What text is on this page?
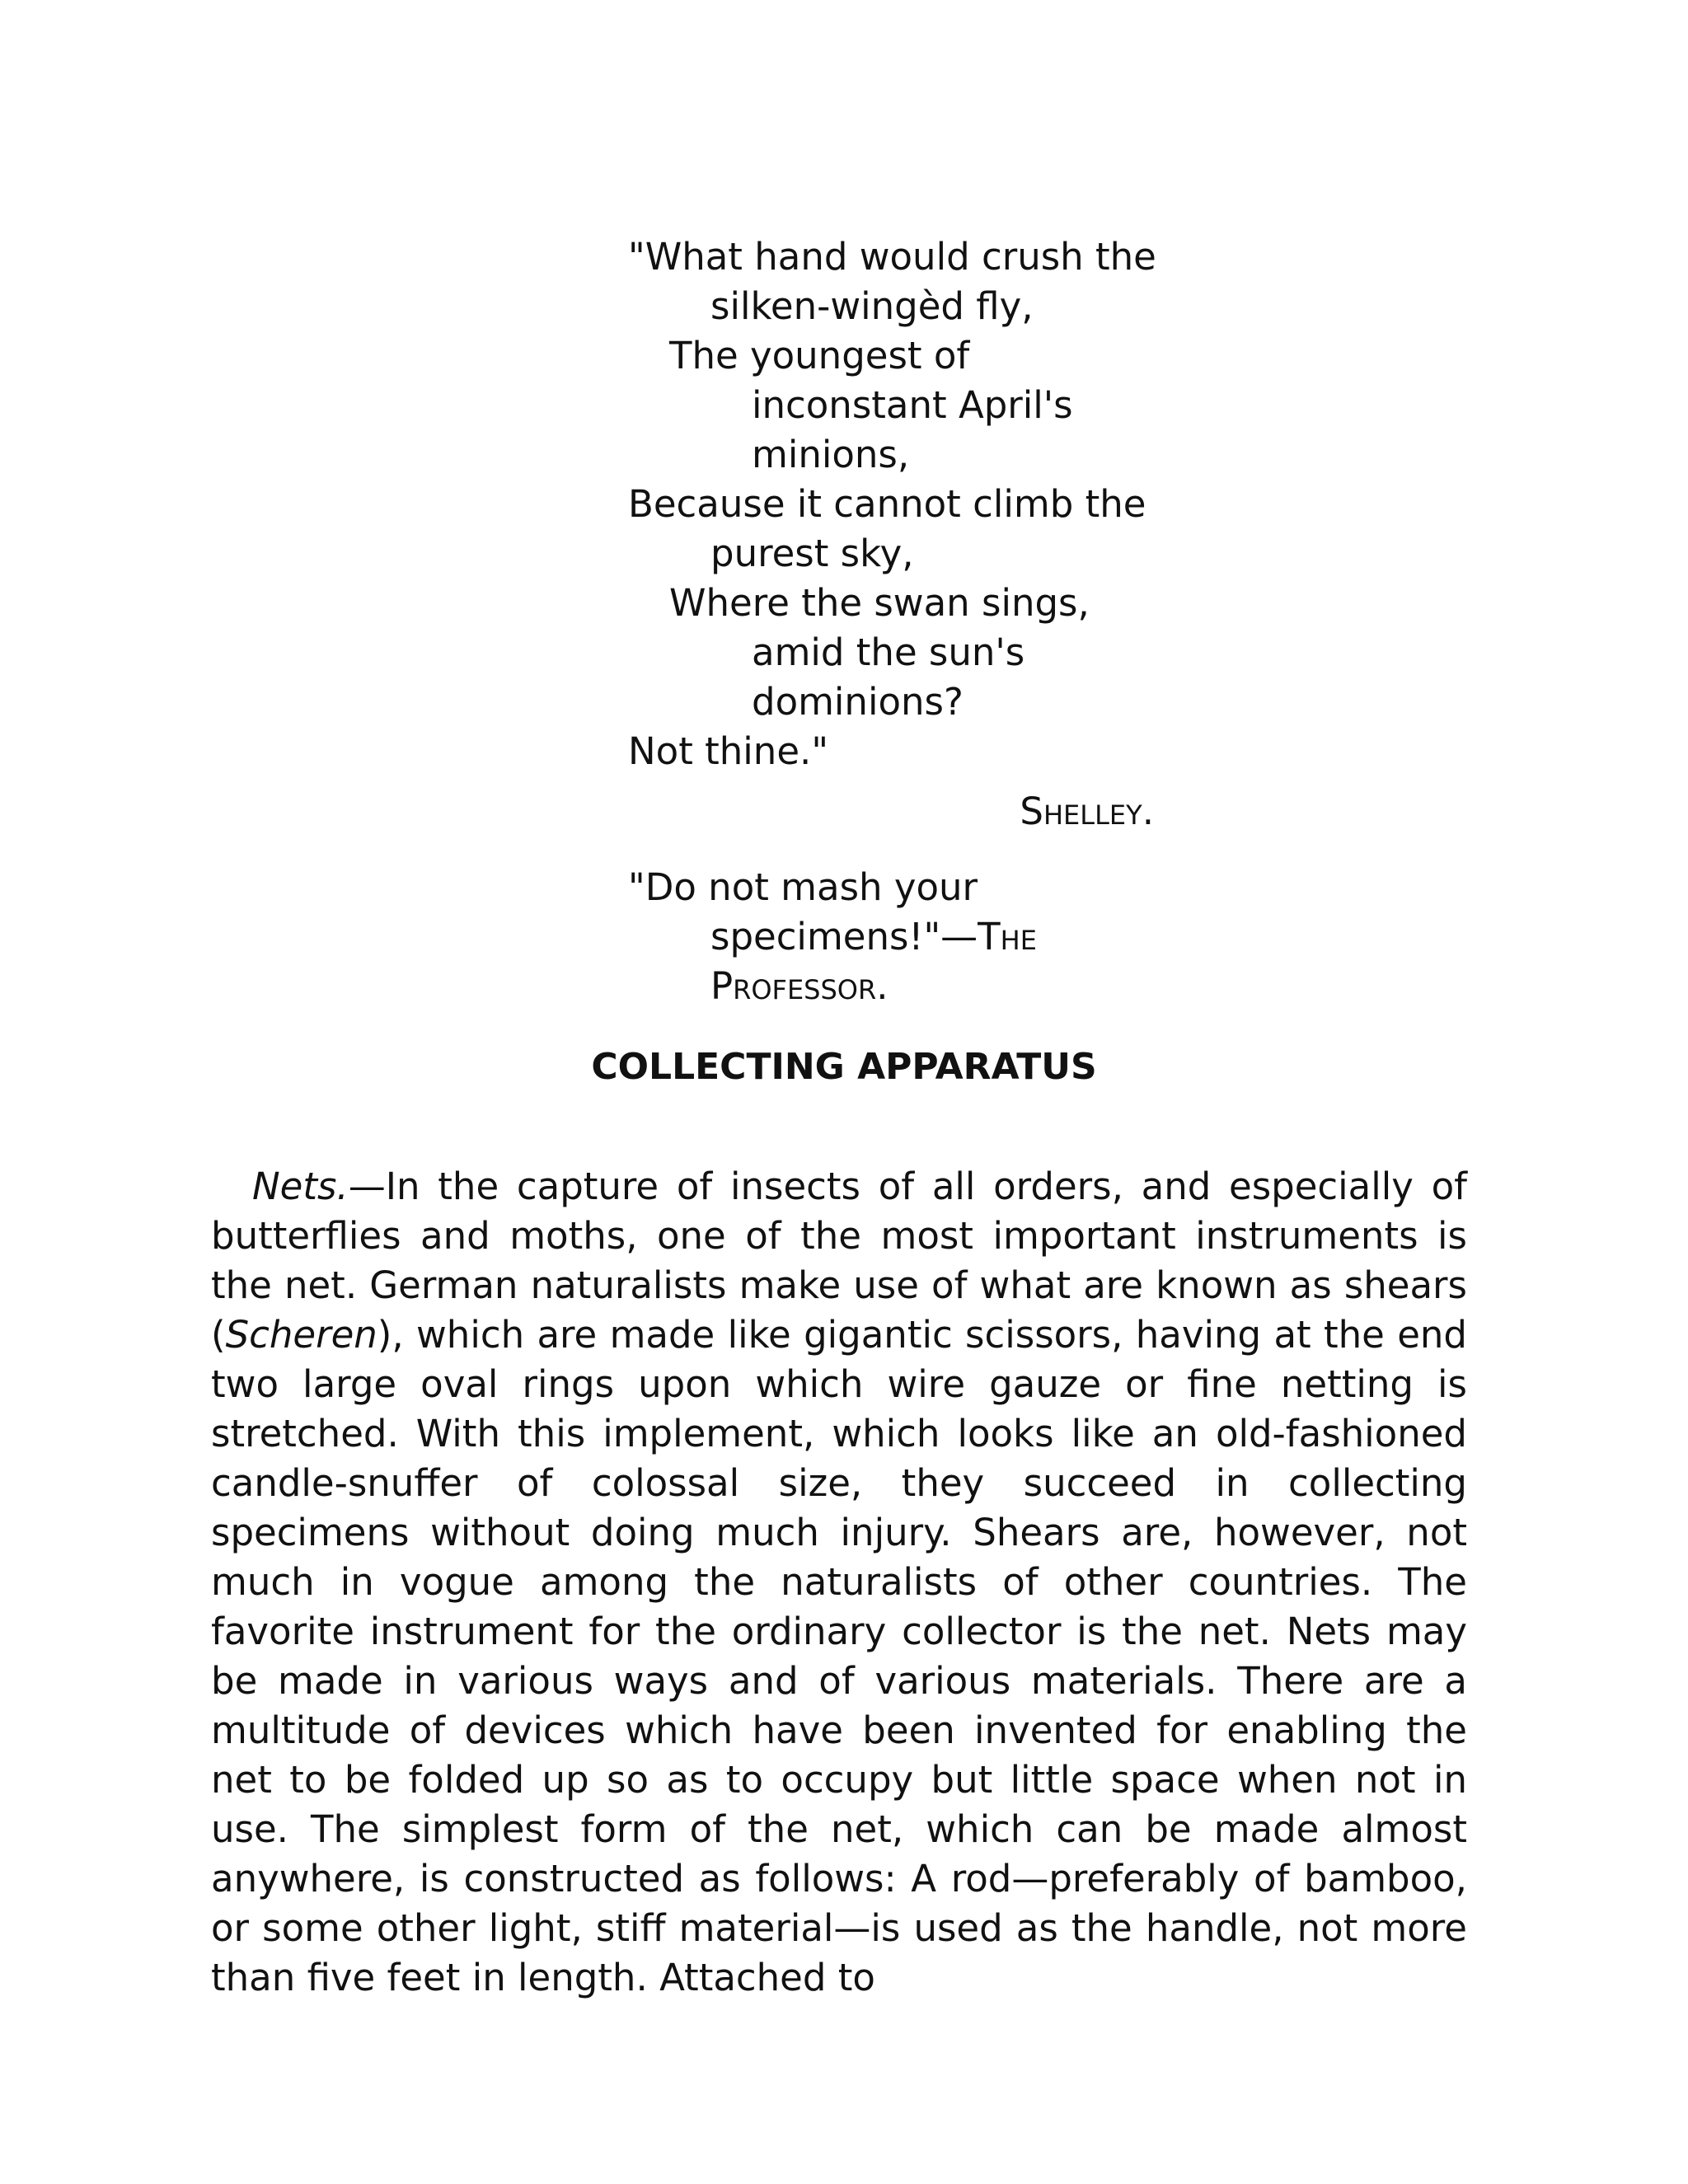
"What hand would crush the
silken-wingèd fly,
The youngest of
inconstant April's
minions,
Because it cannot climb the
purest sky,
Where the swan sings,
amid the sun's
dominions?
Not thine."
Shelley.
"Do not mash your
specimens!"—The
Professor.
COLLECTING APPARATUS

Nets.—In the capture of insects of all orders, and especially of butterflies and moths, one of the most important instruments is the net. German naturalists make use of what are known as shears (Scheren), which are made like gigantic scissors, having at the end two large oval rings upon which wire gauze or fine netting is stretched. With this implement, which looks like an old-fashioned candle-snuffer of colossal size, they succeed in collecting specimens without doing much injury. Shears are, however, not much in vogue among the naturalists of other countries. The favorite instrument for the ordinary collector is the net. Nets may be made in various ways and of various materials. There are a multitude of devices which have been invented for enabling the net to be folded up so as to occupy but little space when not in use. The simplest form of the net, which can be made almost anywhere, is constructed as follows: A rod—preferably of bamboo, or some other light, stiff material—is used as the handle, not more than five feet in length. Attached to
